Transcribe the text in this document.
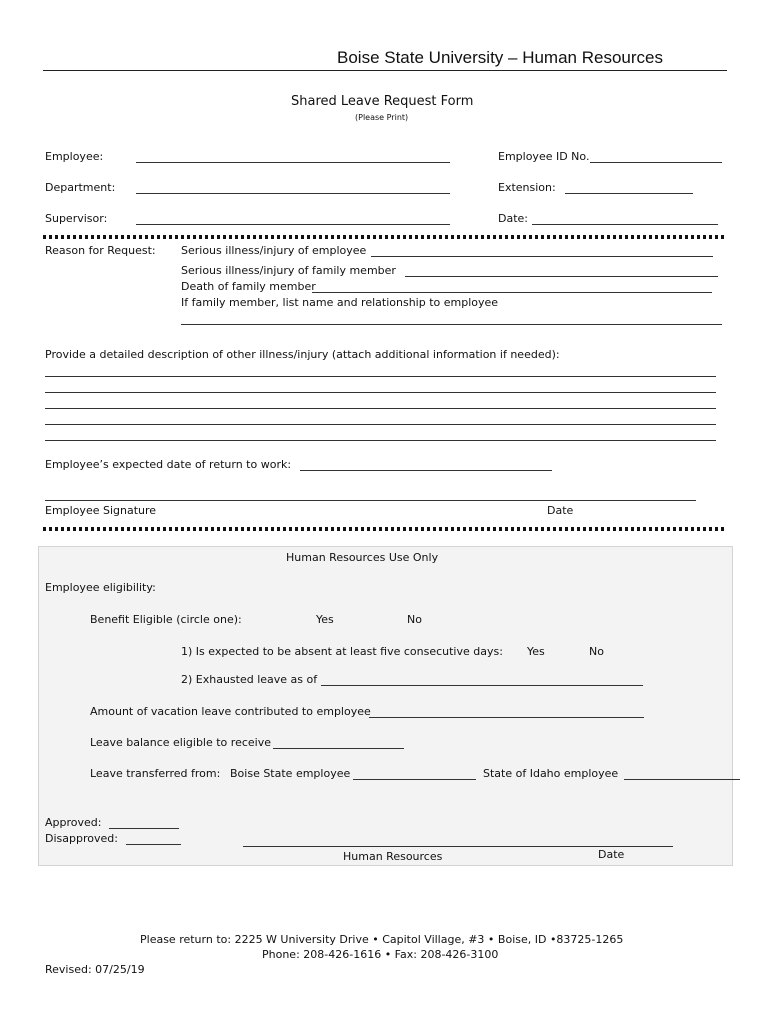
Boise State University – Human Resources
Shared Leave Request Form
(Please Print)
Employee:	Employee ID No.
Department:	Extension:
Supervisor:	Date:
Reason for Request: Serious illness/injury of employee
Serious illness/injury of family member
Death of family member
If family member, list name and relationship to employee
Provide a detailed description of other illness/injury (attach additional information if needed):
Employee’s expected date of return to work:
Employee Signature	Date
Human Resources Use Only
Employee eligibility:
Benefit Eligible (circle one):	Yes	No
1) Is expected to be absent at least five consecutive days: Yes	No
2) Exhausted leave as of
Amount of vacation leave contributed to employee
Leave balance eligible to receive
Leave transferred from: Boise State employee	State of Idaho employee
Approved:
Disapproved:
Human Resources	Date
Please return to: 2225 W University Drive • Capitol Village, #3 • Boise, ID •83725-1265
Phone: 208-426-1616 • Fax: 208-426-3100
Revised: 07/25/19
